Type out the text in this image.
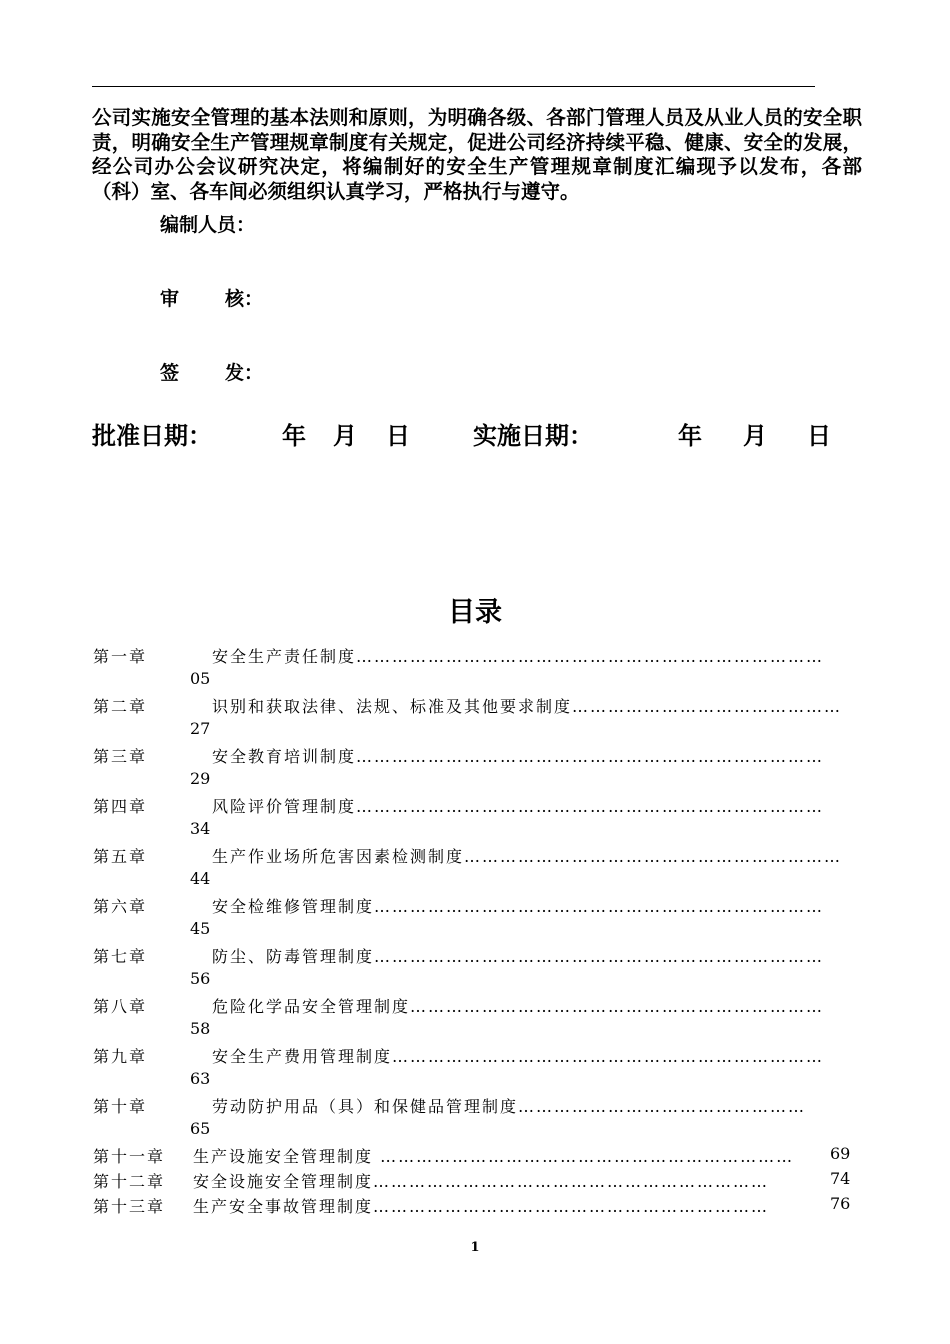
公司实施安全管理的基本法则和原则，为明确各级、各部门管理人员及从业人员的安全职责，明确安全生产管理规章制度有关规定，促进公司经济持续平稳、健康、安全的发展，经公司办公会议研究决定，将编制好的安全生产管理规章制度汇编现予以发布，各部（科）室、各车间必须组织认真学习，严格执行与遵守。
编制人员：
审 核：
签 发：
批准日期：	年 月 日	实施日期：	年 月 日
目录
第一章	安全生产责任制度……………………………………………………………………
05
第二章	识别和获取法律、法规、标准及其他要求制度………………………………………
27
第三章	安全教育培训制度……………………………………………………………………
29
第四章	风险评价管理制度……………………………………………………………………
34
第五章	生产作业场所危害因素检测制度………………………………………………………
44
第六章	安全检维修管理制度…………………………………………………………………
45
第七章	防尘、防毒管理制度…………………………………………………………………
56
第八章	危险化学品安全管理制度……………………………………………………………
58
第九章	安全生产费用管理制度………………………………………………………………
63
第十章	劳动防护用品（具）和保健品管理制度…………………………………………
65
第十一章 生产设施安全管理制度 ……………………………………………………………	69
第十二章 安全设施安全管理制度…………………………………………………………	74
第十三章 生产安全事故管理制度…………………………………………………………	76
1
